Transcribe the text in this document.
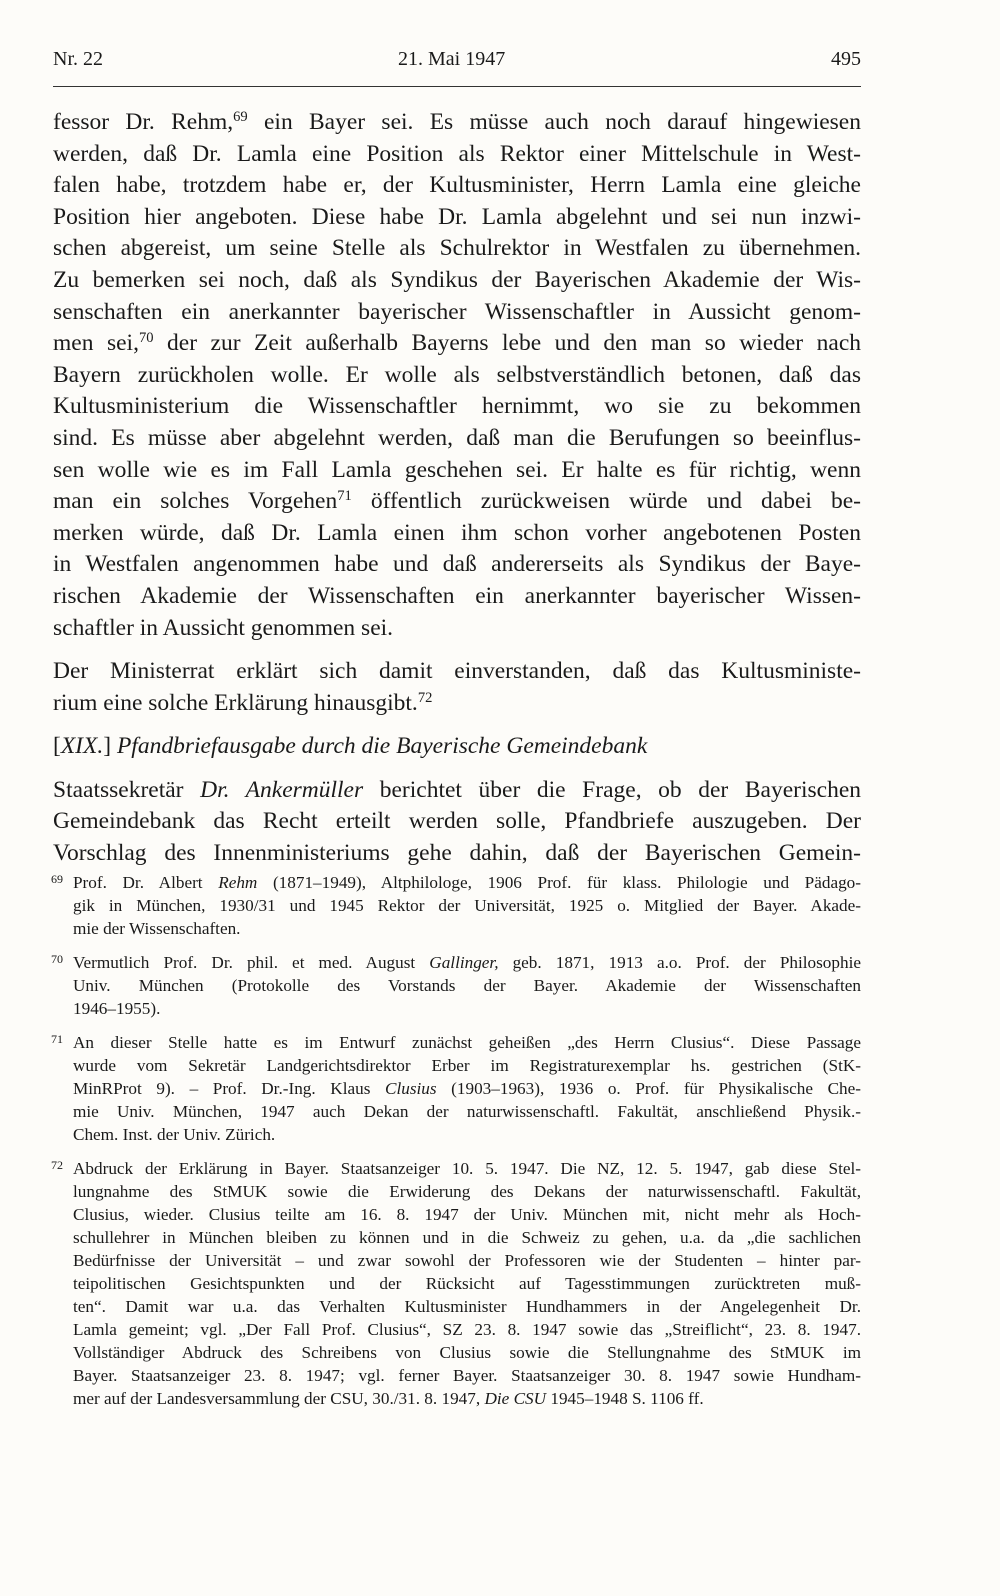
Nr. 22	21. Mai 1947	495
fessor Dr. Rehm,$^{69}$ ein Bayer sei. Es müsse auch noch darauf hingewiesen
werden, daß Dr. Lamla eine Position als Rektor einer Mittelschule in West-
falen habe, trotzdem habe er, der Kultusminister, Herrn Lamla eine gleiche
Position hier angeboten. Diese habe Dr. Lamla abgelehnt und sei nun inzwi-
schen abgereist, um seine Stelle als Schulrektor in Westfalen zu übernehmen.
Zu bemerken sei noch, daß als Syndikus der Bayerischen Akademie der Wis-
senschaften ein anerkannter bayerischer Wissenschaftler in Aussicht genom-
men sei,$^{70}$ der zur Zeit außerhalb Bayerns lebe und den man so wieder nach
Bayern zurückholen wolle. Er wolle als selbstverständlich betonen, daß das
Kultusministerium die Wissenschaftler hernimmt, wo sie zu bekommen
sind. Es müsse aber abgelehnt werden, daß man die Berufungen so beeinflus-
sen wolle wie es im Fall Lamla geschehen sei. Er halte es für richtig, wenn
man ein solches Vorgehen$^{71}$ öffentlich zurückweisen würde und dabei be-
merken würde, daß Dr. Lamla einen ihm schon vorher angebotenen Posten
in Westfalen angenommen habe und daß andererseits als Syndikus der Baye-
rischen Akademie der Wissenschaften ein anerkannter bayerischer Wissen-
schaftler in Aussicht genommen sei.
Der Ministerrat erklärt sich damit einverstanden, daß das Kultusministe-
rium eine solche Erklärung hinausgibt.$^{72}$
[XIX.] Pfandbriefausgabe durch die Bayerische Gemeindebank
Staatssekretär Dr. Ankermüller berichtet über die Frage, ob der Bayerischen
Gemeindebank das Recht erteilt werden solle, Pfandbriefe auszugeben. Der
Vorschlag des Innenministeriums gehe dahin, daß der Bayerischen Gemein-
69 Prof. Dr. Albert Rehm (1871–1949), Altphilologe, 1906 Prof. für klass. Philologie und Pädago-
gik in München, 1930/31 und 1945 Rektor der Universität, 1925 o. Mitglied der Bayer. Akade-
mie der Wissenschaften.
70 Vermutlich Prof. Dr. phil. et med. August Gallinger, geb. 1871, 1913 a.o. Prof. der Philosophie
Univ. München (Protokolle des Vorstands der Bayer. Akademie der Wissenschaften
1946–1955).
71 An dieser Stelle hatte es im Entwurf zunächst geheißen „des Herrn Clusius“. Diese Passage
wurde vom Sekretär Landgerichtsdirektor Erber im Registraturexemplar hs. gestrichen (StK-
MinRProt 9). – Prof. Dr.-Ing. Klaus Clusius (1903–1963), 1936 o. Prof. für Physikalische Che-
mie Univ. München, 1947 auch Dekan der naturwissenschaftl. Fakultät, anschließend Physik.-
Chem. Inst. der Univ. Zürich.
72 Abdruck der Erklärung in Bayer. Staatsanzeiger 10. 5. 1947. Die NZ, 12. 5. 1947, gab diese Stel-
lungnahme des StMUK sowie die Erwiderung des Dekans der naturwissenschaftl. Fakultät,
Clusius, wieder. Clusius teilte am 16. 8. 1947 der Univ. München mit, nicht mehr als Hoch-
schullehrer in München bleiben zu können und in die Schweiz zu gehen, u.a. da „die sachlichen
Bedürfnisse der Universität – und zwar sowohl der Professoren wie der Studenten – hinter par-
teipolitischen Gesichtspunkten und der Rücksicht auf Tagesstimmungen zurücktreten muß-
ten“. Damit war u.a. das Verhalten Kultusminister Hundhammers in der Angelegenheit Dr.
Lamla gemeint; vgl. „Der Fall Prof. Clusius“, SZ 23. 8. 1947 sowie das „Streiflicht“, 23. 8. 1947.
Vollständiger Abdruck des Schreibens von Clusius sowie die Stellungnahme des StMUK im
Bayer. Staatsanzeiger 23. 8. 1947; vgl. ferner Bayer. Staatsanzeiger 30. 8. 1947 sowie Hundham-
mer auf der Landesversammlung der CSU, 30./31. 8. 1947, Die CSU 1945–1948 S. 1106 ff.
